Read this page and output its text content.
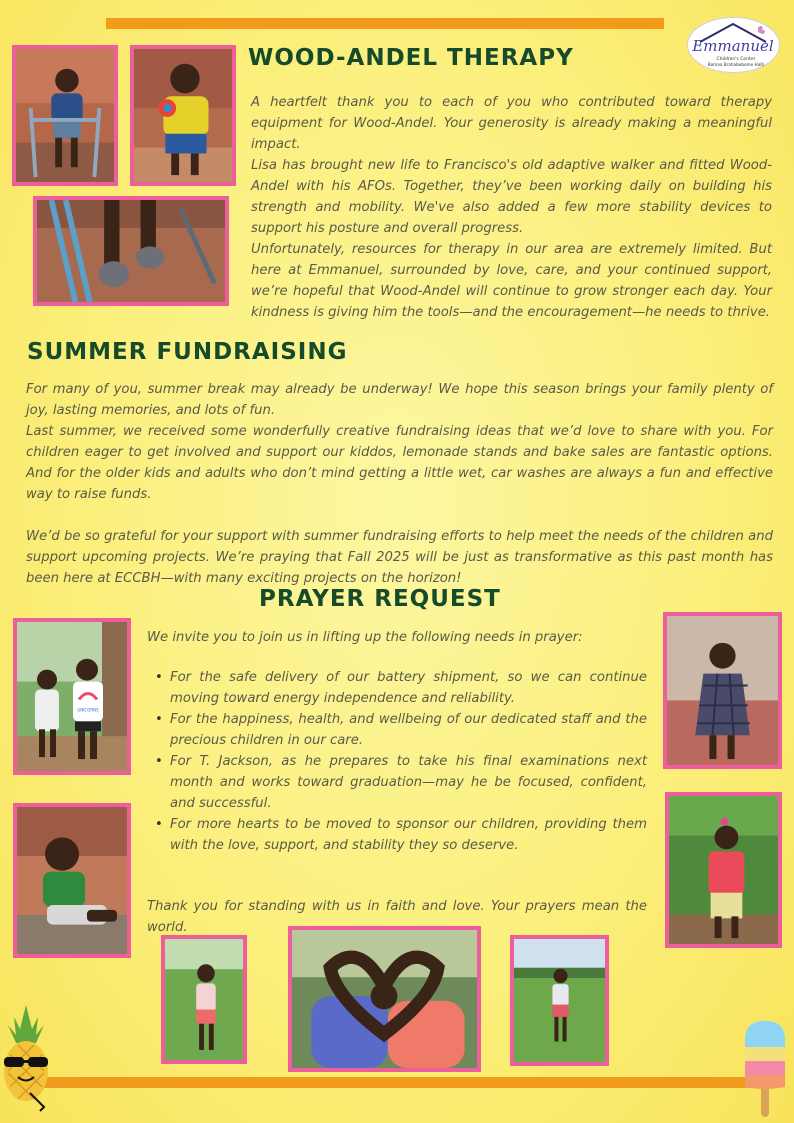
Emmanuel
Children's Center
Bomaa Brahabebome Haiti
WOOD-ANDEL THERAPY
A heartfelt thank you to each of you who contributed toward therapy equipment for Wood-Andel. Your generosity is already making a meaningful impact.
Lisa has brought new life to Francisco's old adaptive walker and fitted Wood-Andel with his AFOs. Together, they’ve been working daily on building his strength and mobility. We've also added a few more stability devices to support his posture and overall progress.
Unfortunately, resources for therapy in our area are extremely limited. But here at Emmanuel, surrounded by love, care, and your continued support, we’re hopeful that Wood-Andel will continue to grow stronger each day. Your kindness is giving him the tools—and the encouragement—he needs to thrive.
SUMMER FUNDRAISING
For many of you, summer break may already be underway! We hope this season brings your family plenty of joy, lasting memories, and lots of fun.
Last summer, we received some wonderfully creative fundraising ideas that we’d love to share with you. For children eager to get involved and support our kiddos, lemonade stands and bake sales are fantastic options. And for the older kids and adults who don’t mind getting a little wet, car washes are always a fun and effective way to raise funds.
We’d be so grateful for your support with summer fundraising efforts to help meet the needs of the children and support upcoming projects. We’re praying that Fall 2025 will be just as transformative as this past month has been here at ECCBH—with many exciting projects on the horizon!
PRAYER REQUEST
UNICORNS
We invite you to join us in lifting up the following needs in prayer:
• For the safe delivery of our battery shipment, so we can continue moving toward energy independence and reliability.
• For the happiness, health, and wellbeing of our dedicated staff and the precious children in our care.
• For T. Jackson, as he prepares to take his final examinations next month and works toward graduation—may he be focused, confident, and successful.
• For more hearts to be moved to sponsor our children, providing them with the love, support, and stability they so deserve.
Thank you for standing with us in faith and love. Your prayers mean the world.
